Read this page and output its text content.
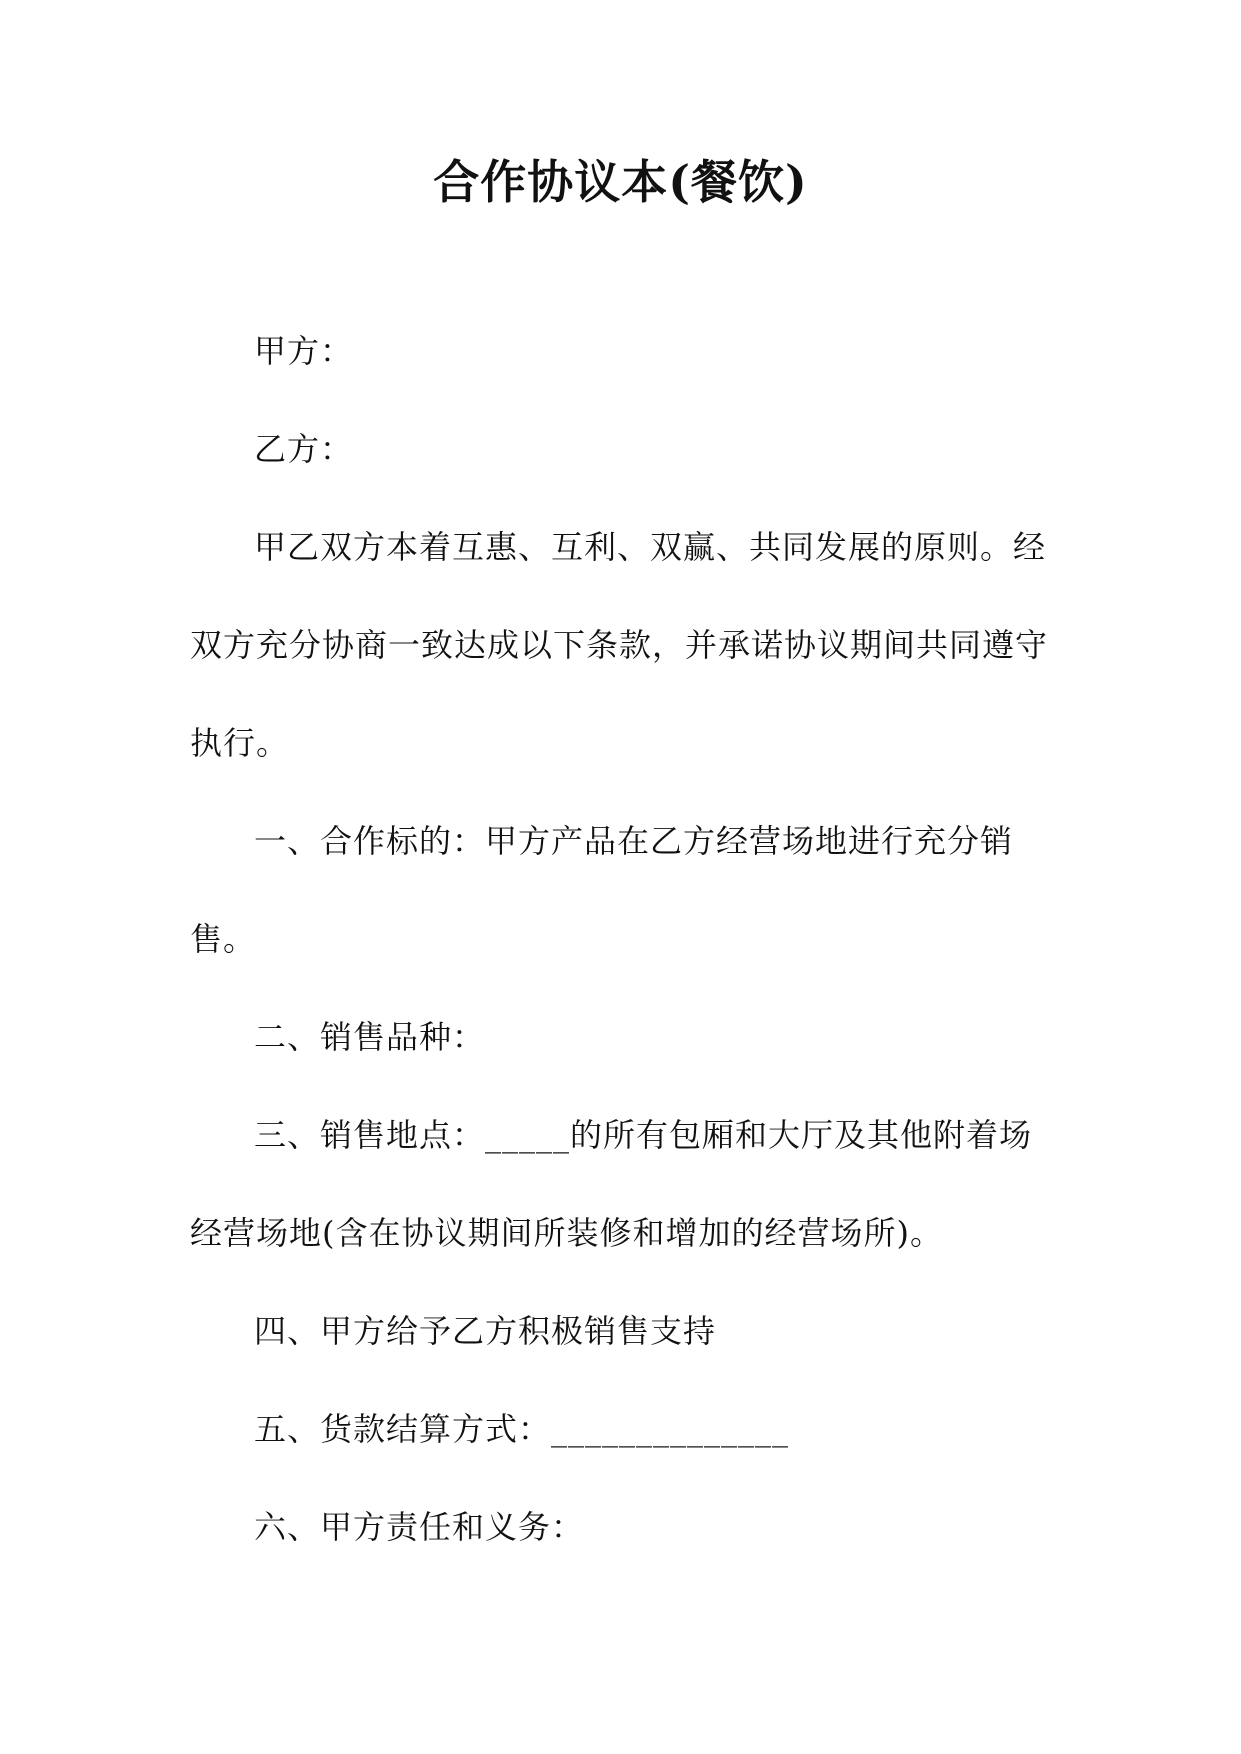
合作协议本(餐饮)

甲方：

乙方：

甲乙双方本着互惠、互利、双赢、共同发展的原则。经双方充分协商一致达成以下条款，并承诺协议期间共同遵守执行。

一、合作标的：甲方产品在乙方经营场地进行充分销售。

二、销售品种：

三、销售地点：_____的所有包厢和大厅及其他附着场经营场地(含在协议期间所装修和增加的经营场所)。

四、甲方给予乙方积极销售支持

五、货款结算方式：______________

六、甲方责任和义务：
